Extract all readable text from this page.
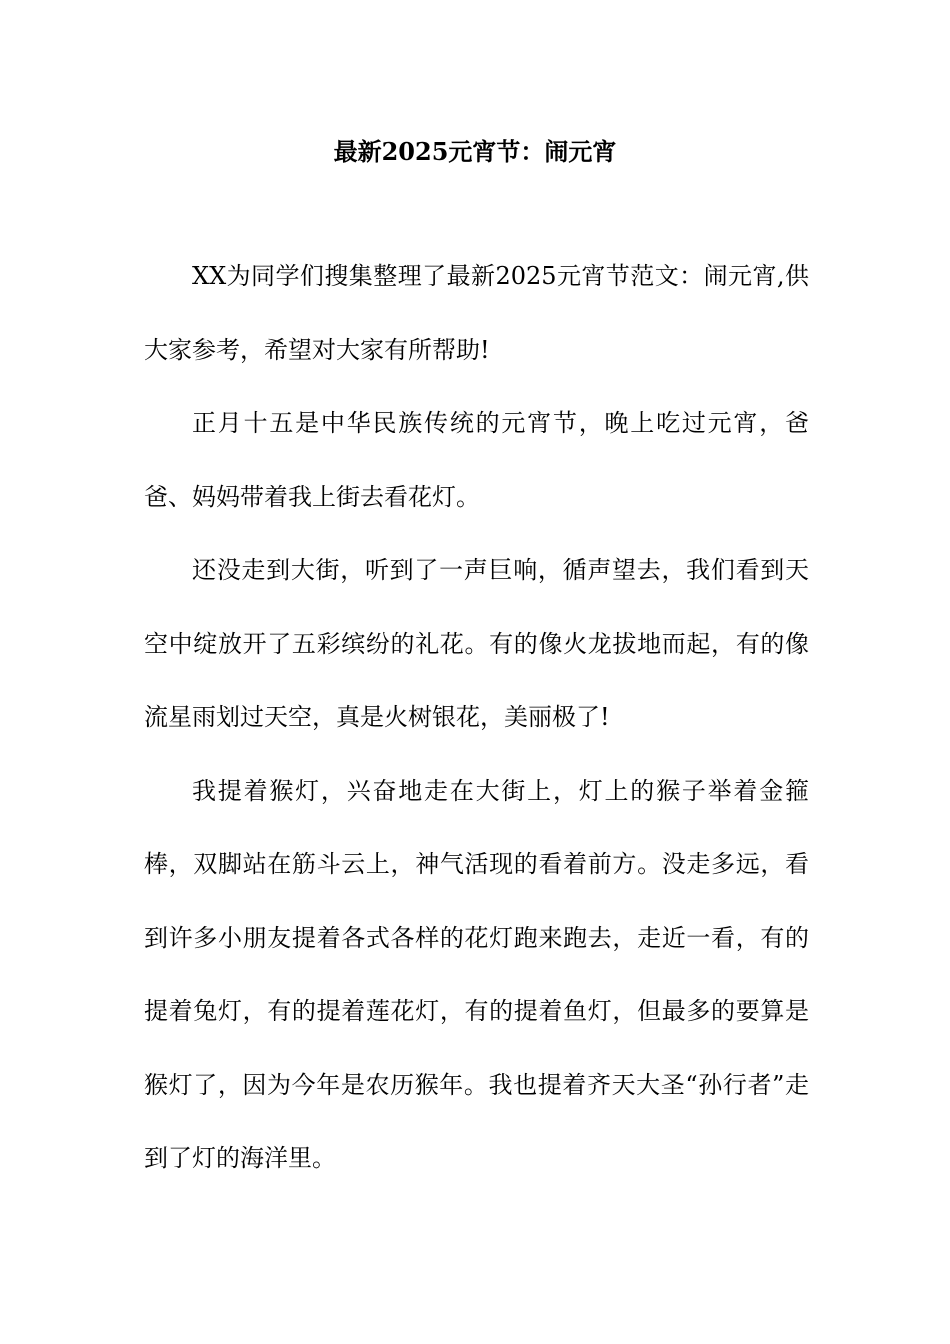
最新2025元宵节：闹元宵

XX为同学们搜集整理了最新2025元宵节范文：闹元宵,供大家参考，希望对大家有所帮助!

正月十五是中华民族传统的元宵节，晚上吃过元宵，爸爸、妈妈带着我上街去看花灯。

还没走到大街，听到了一声巨响，循声望去，我们看到天空中绽放开了五彩缤纷的礼花。有的像火龙拔地而起，有的像流星雨划过天空，真是火树银花，美丽极了!

我提着猴灯，兴奋地走在大街上，灯上的猴子举着金箍棒，双脚站在筋斗云上，神气活现的看着前方。没走多远，看到许多小朋友提着各式各样的花灯跑来跑去，走近一看，有的提着兔灯，有的提着莲花灯，有的提着鱼灯，但最多的要算是猴灯了，因为今年是农历猴年。我也提着齐天大圣“孙行者”走到了灯的海洋里。
